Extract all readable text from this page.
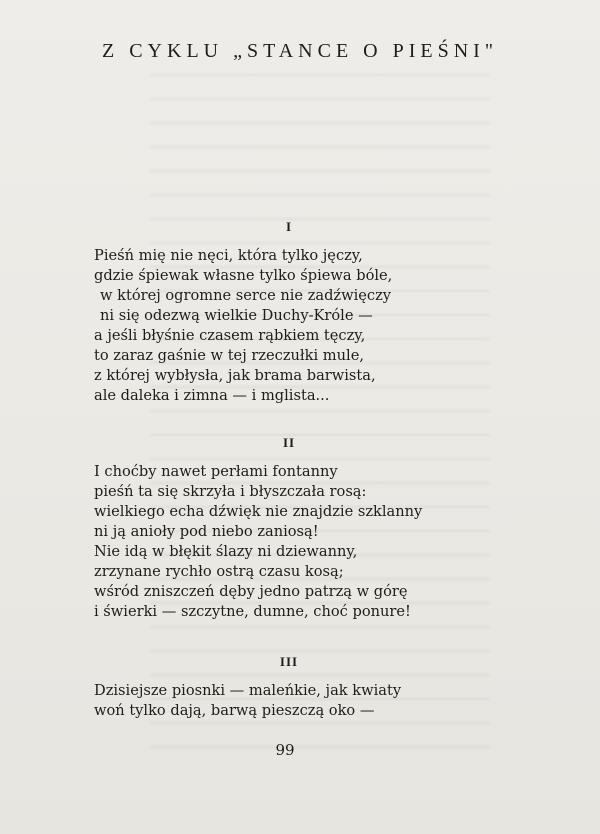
Z CYKLU „STANCE O PIEŚNI"
I
Pieśń mię nie nęci, która tylko jęczy,
gdzie śpiewak własne tylko śpiewa bóle,
w której ogromne serce nie zadźwięczy
ni się odezwą wielkie Duchy-Króle —
a jeśli błyśnie czasem rąbkiem tęczy,
to zaraz gaśnie w tej rzeczułki mule,
z której wybłysła, jak brama barwista,
ale daleka i zimna — i mglista...
II
I choćby nawet perłami fontanny
pieśń ta się skrzyła i błyszczała rosą:
wielkiego echa dźwięk nie znajdzie szklanny
ni ją anioły pod niebo zaniosą!
Nie idą w błękit ślazy ni dziewanny,
zrzynane rychło ostrą czasu kosą;
wśród zniszczeń dęby jedno patrzą w górę
i świerki — szczytne, dumne, choć ponure!
III
Dzisiejsze piosnki — maleńkie, jak kwiaty
woń tylko dają, barwą pieszczą oko —
99
